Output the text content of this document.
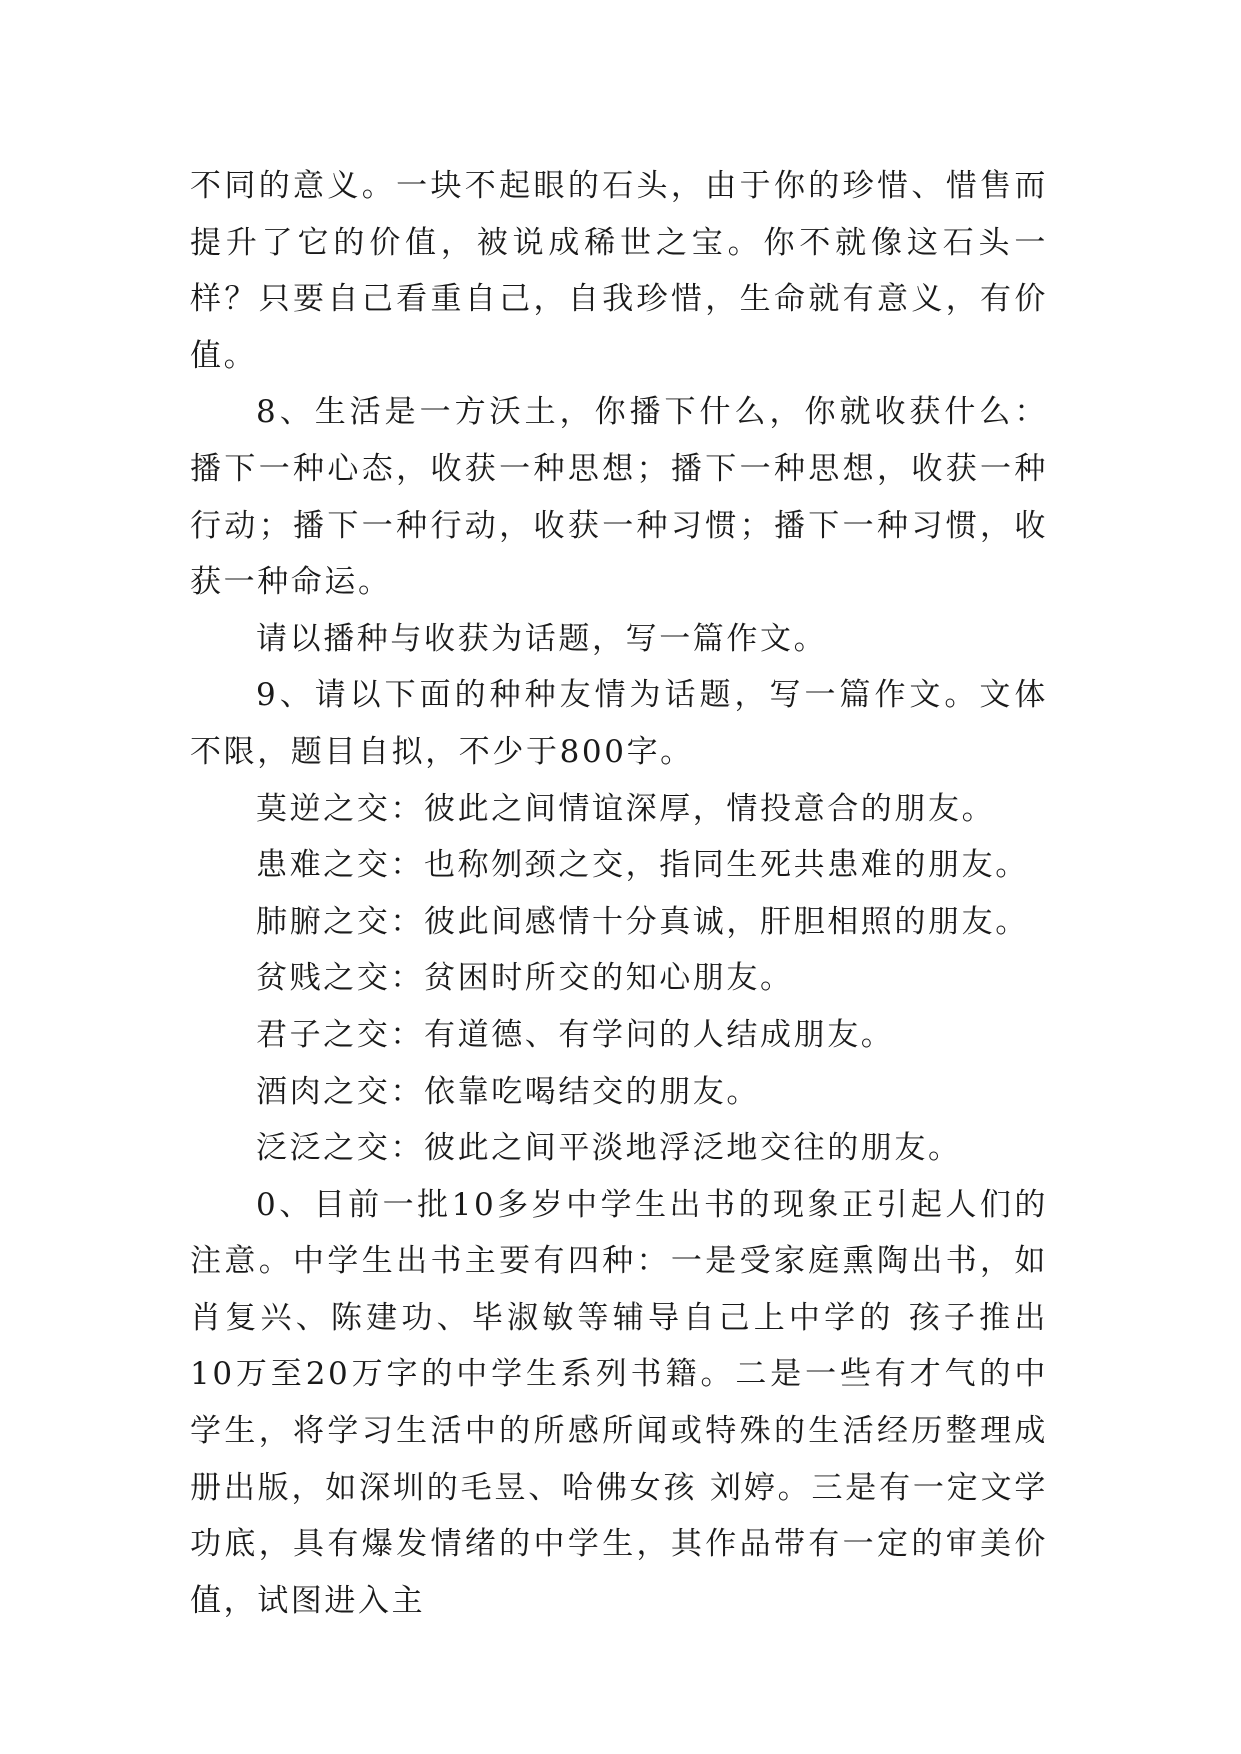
不同的意义。一块不起眼的石头，由于你的珍惜、惜售而提升了它的价值，被说成稀世之宝。你不就像这石头一样？只要自己看重自己，自我珍惜，生命就有意义，有价值。

8、生活是一方沃土，你播下什么，你就收获什么：播下一种心态，收获一种思想；播下一种思想，收获一种行动；播下一种行动，收获一种习惯；播下一种习惯，收获一种命运。

请以播种与收获为话题，写一篇作文。

9、请以下面的种种友情为话题，写一篇作文。文体不限，题目自拟，不少于800字。

莫逆之交：彼此之间情谊深厚，情投意合的朋友。

患难之交：也称刎颈之交，指同生死共患难的朋友。

肺腑之交：彼此间感情十分真诚，肝胆相照的朋友。

贫贱之交：贫困时所交的知心朋友。

君子之交：有道德、有学问的人结成朋友。

酒肉之交：依靠吃喝结交的朋友。

泛泛之交：彼此之间平淡地浮泛地交往的朋友。

0、目前一批10多岁中学生出书的现象正引起人们的注意。中学生出书主要有四种：一是受家庭熏陶出书，如肖复兴、陈建功、毕淑敏等辅导自己上中学的 孩子推出10万至20万字的中学生系列书籍。二是一些有才气的中学生，将学习生活中的所感所闻或特殊的生活经历整理成册出版，如深圳的毛昱、哈佛女孩 刘婷。三是有一定文学功底，具有爆发情绪的中学生，其作品带有一定的审美价值，试图进入主
